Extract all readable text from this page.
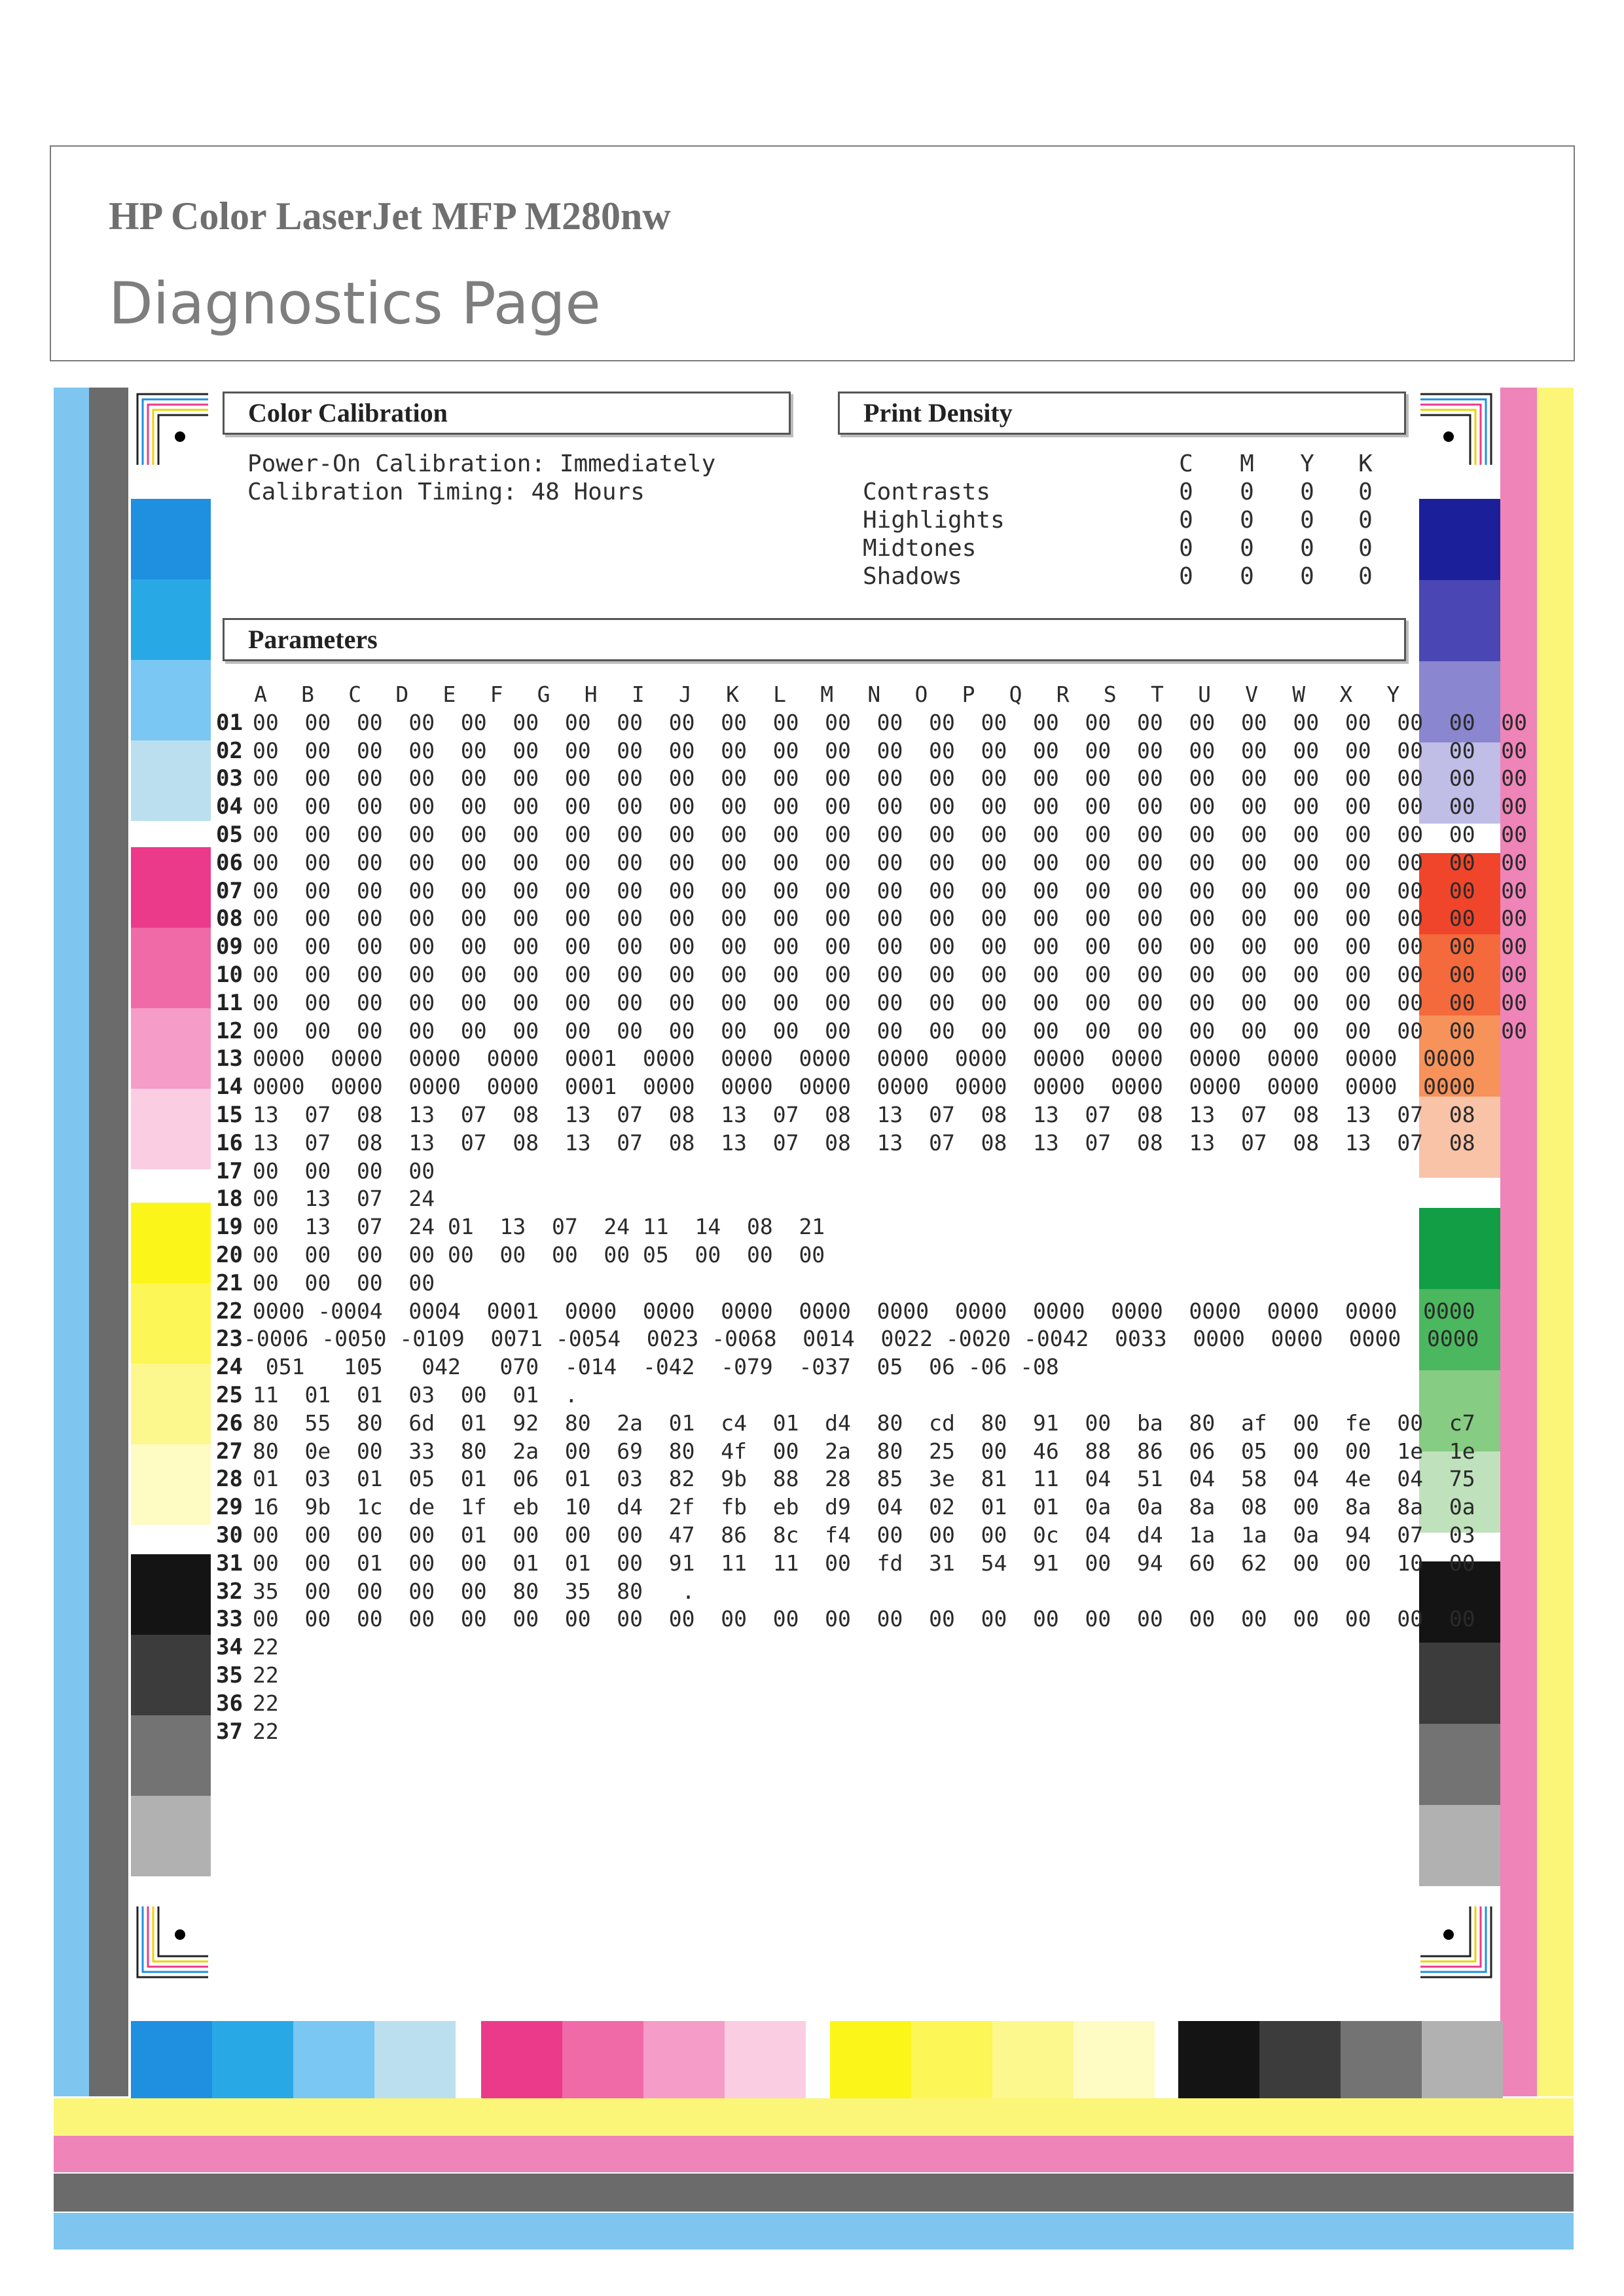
HP Color LaserJet MFP M280nw
Diagnostics Page
Color Calibration
Power-On Calibration: Immediately
Calibration Timing: 48 Hours
Print Density
C	M	Y	K
Contrasts	0	0	0	0
Highlights	0	0	0	0
Midtones	0	0	0	0
Shadows	0	0	0	0
Parameters
A	B	C	D	E	F	G	H	I	J	K	L	M	N	O	P	Q	R	S	T	U	V	W	X	Y
01 00  00  00  00  00  00  00  00  00  00  00  00  00  00  00  00  00  00  00  00  00  00  00  00  00
02 00  00  00  00  00  00  00  00  00  00  00  00  00  00  00  00  00  00  00  00  00  00  00  00  00
03 00  00  00  00  00  00  00  00  00  00  00  00  00  00  00  00  00  00  00  00  00  00  00  00  00
04 00  00  00  00  00  00  00  00  00  00  00  00  00  00  00  00  00  00  00  00  00  00  00  00  00
05 00  00  00  00  00  00  00  00  00  00  00  00  00  00  00  00  00  00  00  00  00  00  00  00  00
06 00  00  00  00  00  00  00  00  00  00  00  00  00  00  00  00  00  00  00  00  00  00  00  00  00
07 00  00  00  00  00  00  00  00  00  00  00  00  00  00  00  00  00  00  00  00  00  00  00  00  00
08 00  00  00  00  00  00  00  00  00  00  00  00  00  00  00  00  00  00  00  00  00  00  00  00  00
09 00  00  00  00  00  00  00  00  00  00  00  00  00  00  00  00  00  00  00  00  00  00  00  00  00
10 00  00  00  00  00  00  00  00  00  00  00  00  00  00  00  00  00  00  00  00  00  00  00  00  00
11 00  00  00  00  00  00  00  00  00  00  00  00  00  00  00  00  00  00  00  00  00  00  00  00  00
12 00  00  00  00  00  00  00  00  00  00  00  00  00  00  00  00  00  00  00  00  00  00  00  00  00
13 0000  0000  0000  0000  0001  0000  0000  0000  0000  0000  0000  0000  0000  0000  0000  0000
14 0000  0000  0000  0000  0001  0000  0000  0000  0000  0000  0000  0000  0000  0000  0000  0000
15 13  07  08  13  07  08  13  07  08  13  07  08  13  07  08  13  07  08  13  07  08  13  07  08
16 13  07  08  13  07  08  13  07  08  13  07  08  13  07  08  13  07  08  13  07  08  13  07  08
17 00  00  00  00
18 00  13  07  24
19 00  13  07  24 01  13  07  24 11  14  08  21
20 00  00  00  00 00  00  00  00 05  00  00  00
21 00  00  00  00
22 0000 -0004  0004  0001  0000  0000  0000  0000  0000  0000  0000  0000  0000  0000  0000  0000
23 -0006 -0050 -0109  0071 -0054  0023 -0068  0014  0022 -0020 -0042  0033  0000  0000  0000  0000
24 051   105   042   070  -014  -042  -079  -037  05  06 -06 -08
25 11  01  01  03  00  01  .
26 80  55  80  6d  01  92  80  2a  01  c4  01  d4  80  cd  80  91  00  ba  80  af  00  fe  00  c7
27 80  0e  00  33  80  2a  00  69  80  4f  00  2a  80  25  00  46  88  86  06  05  00  00  1e  1e
28 01  03  01  05  01  06  01  03  82  9b  88  28  85  3e  81  11  04  51  04  58  04  4e  04  75
29 16  9b  1c  de  1f  eb  10  d4  2f  fb  eb  d9  04  02  01  01  0a  0a  8a  08  00  8a  8a  0a
30 00  00  00  00  01  00  00  00  47  86  8c  f4  00  00  00  0c  04  d4  1a  1a  0a  94  07  03
31 00  00  01  00  00  01  01  00  91  11  11  00  fd  31  54  91  00  94  60  62  00  00  10  00
32 35  00  00  00  00  80  35  80   .
33 00  00  00  00  00  00  00  00  00  00  00  00  00  00  00  00  00  00  00  00  00  00  00  00
34 22
35 22
36 22
37 22
